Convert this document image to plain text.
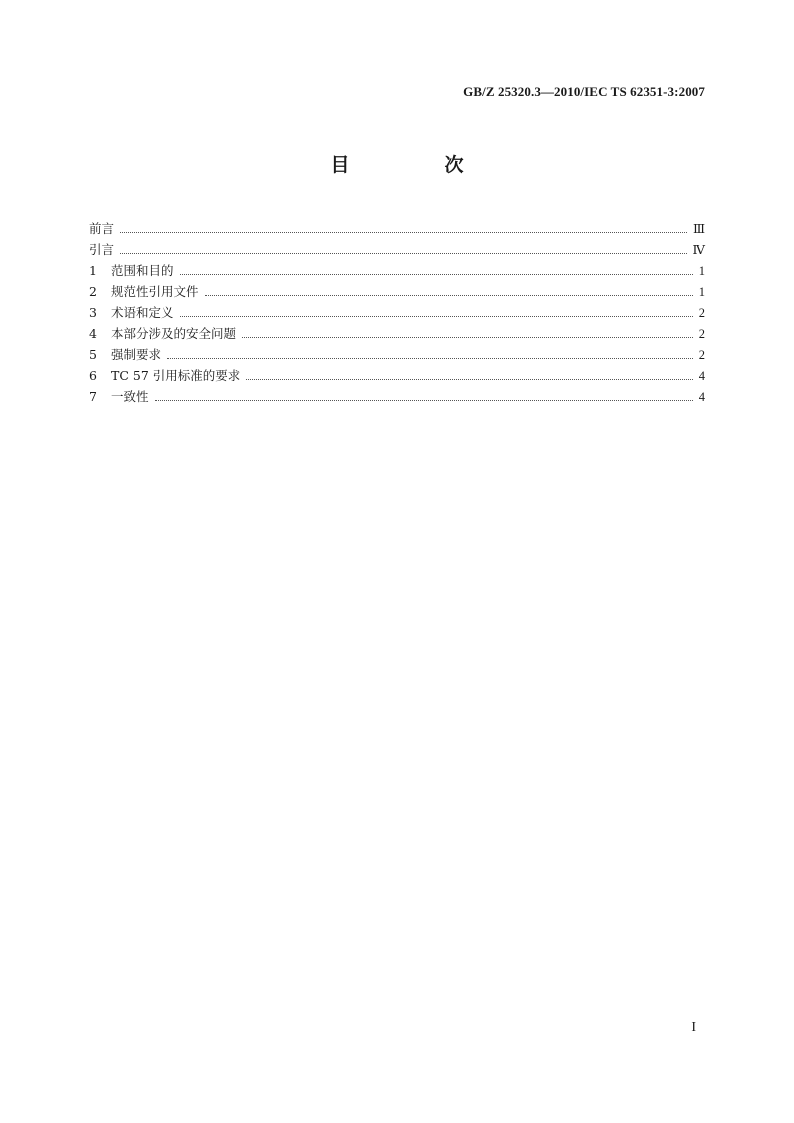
GB/Z 25320.3—2010/IEC TS 62351-3:2007
目　次
前言	Ⅲ
引言	Ⅳ
1	范围和目的	1
2	规范性引用文件	1
3	术语和定义	2
4	本部分涉及的安全问题	2
5	强制要求	2
6	TC 57 引用标准的要求	4
7	一致性	4
I
